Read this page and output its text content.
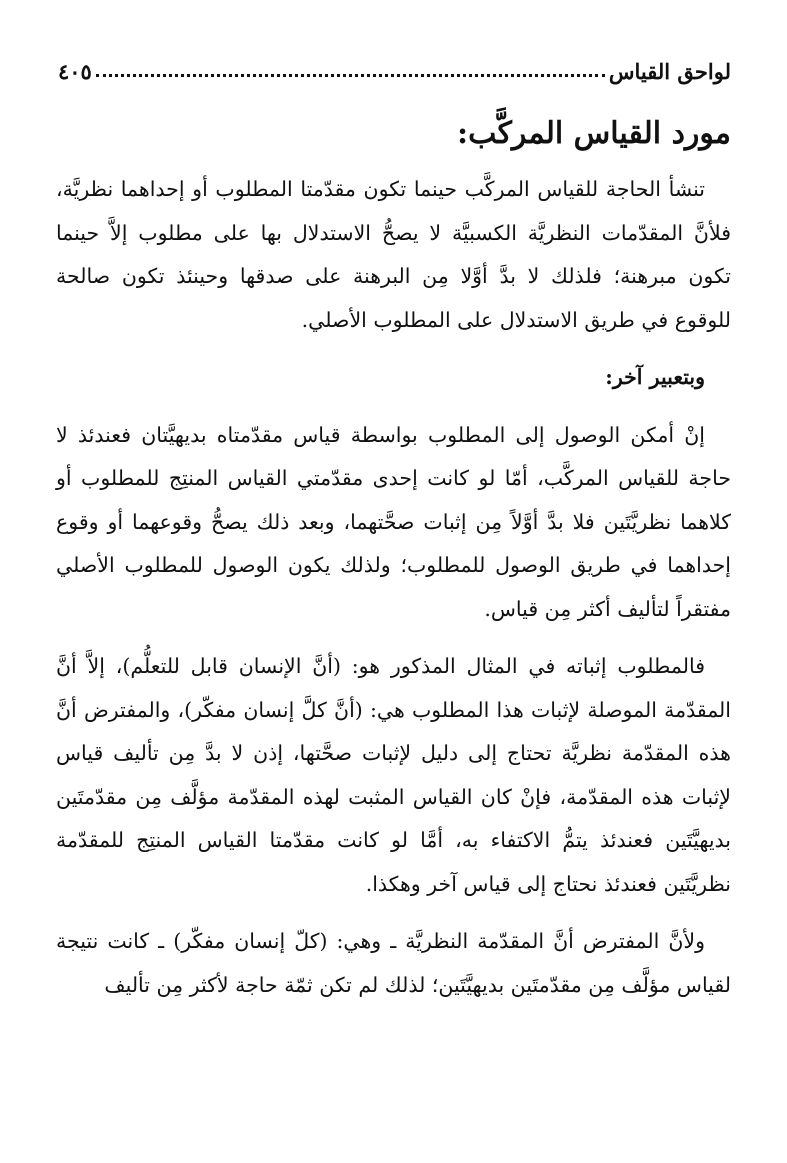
لواحق القياس
٤٠٥
مورد القياس المركَّب:

تنشأ الحاجة للقياس المركَّب حينما تكون مقدّمتا المطلوب أو إحداهما نظريَّة، فلأنَّ المقدّمات النظريَّة الكسبيَّة لا يصحُّ الاستدلال بها على مطلوب إلاَّ حينما تكون مبرهنة؛ فلذلك لا بدَّ أوَّلا مِن البرهنة على صدقها وحينئذ تكون صالحة للوقوع في طريق الاستدلال على المطلوب الأصلي.

وبتعبير آخر:

إنْ أمكن الوصول إلى المطلوب بواسطة قياس مقدّمتاه بديهيَّتان فعندئذ لا حاجة للقياس المركَّب، أمّا لو كانت إحدى مقدّمتي القياس المنتِج للمطلوب أو كلاهما نظريَّتَين فلا بدَّ أوَّلاً مِن إثبات صحَّتهما، وبعد ذلك يصحُّ وقوعهما أو وقوع إحداهما في طريق الوصول للمطلوب؛ ولذلك يكون الوصول للمطلوب الأصلي مفتقراً لتأليف أكثر مِن قياس.

فالمطلوب إثباته في المثال المذكور هو: (أنَّ الإنسان قابل للتعلُّم)، إلاَّ أنَّ المقدّمة الموصلة لإثبات هذا المطلوب هي: (أنَّ كلَّ إنسان مفكّر)، والمفترض أنَّ هذه المقدّمة نظريَّة تحتاج إلى دليل لإثبات صحَّتها، إذن لا بدَّ مِن تأليف قياس لإثبات هذه المقدّمة، فإنْ كان القياس المثبت لهذه المقدّمة مؤلَّف مِن مقدّمتَين بديهيَّتَين فعندئذ يتمُّ الاكتفاء به، أمَّا لو كانت مقدّمتا القياس المنتِج للمقدّمة نظريَّتَين فعندئذ نحتاج إلى قياس آخر وهكذا.

ولأنَّ المفترض أنَّ المقدّمة النظريَّة ـ وهي: (كلّ إنسان مفكّر) ـ كانت نتيجة لقياس مؤلَّف مِن مقدّمتَين بديهيَّتَين؛ لذلك لم تكن ثمّة حاجة لأكثر مِن تأليف
